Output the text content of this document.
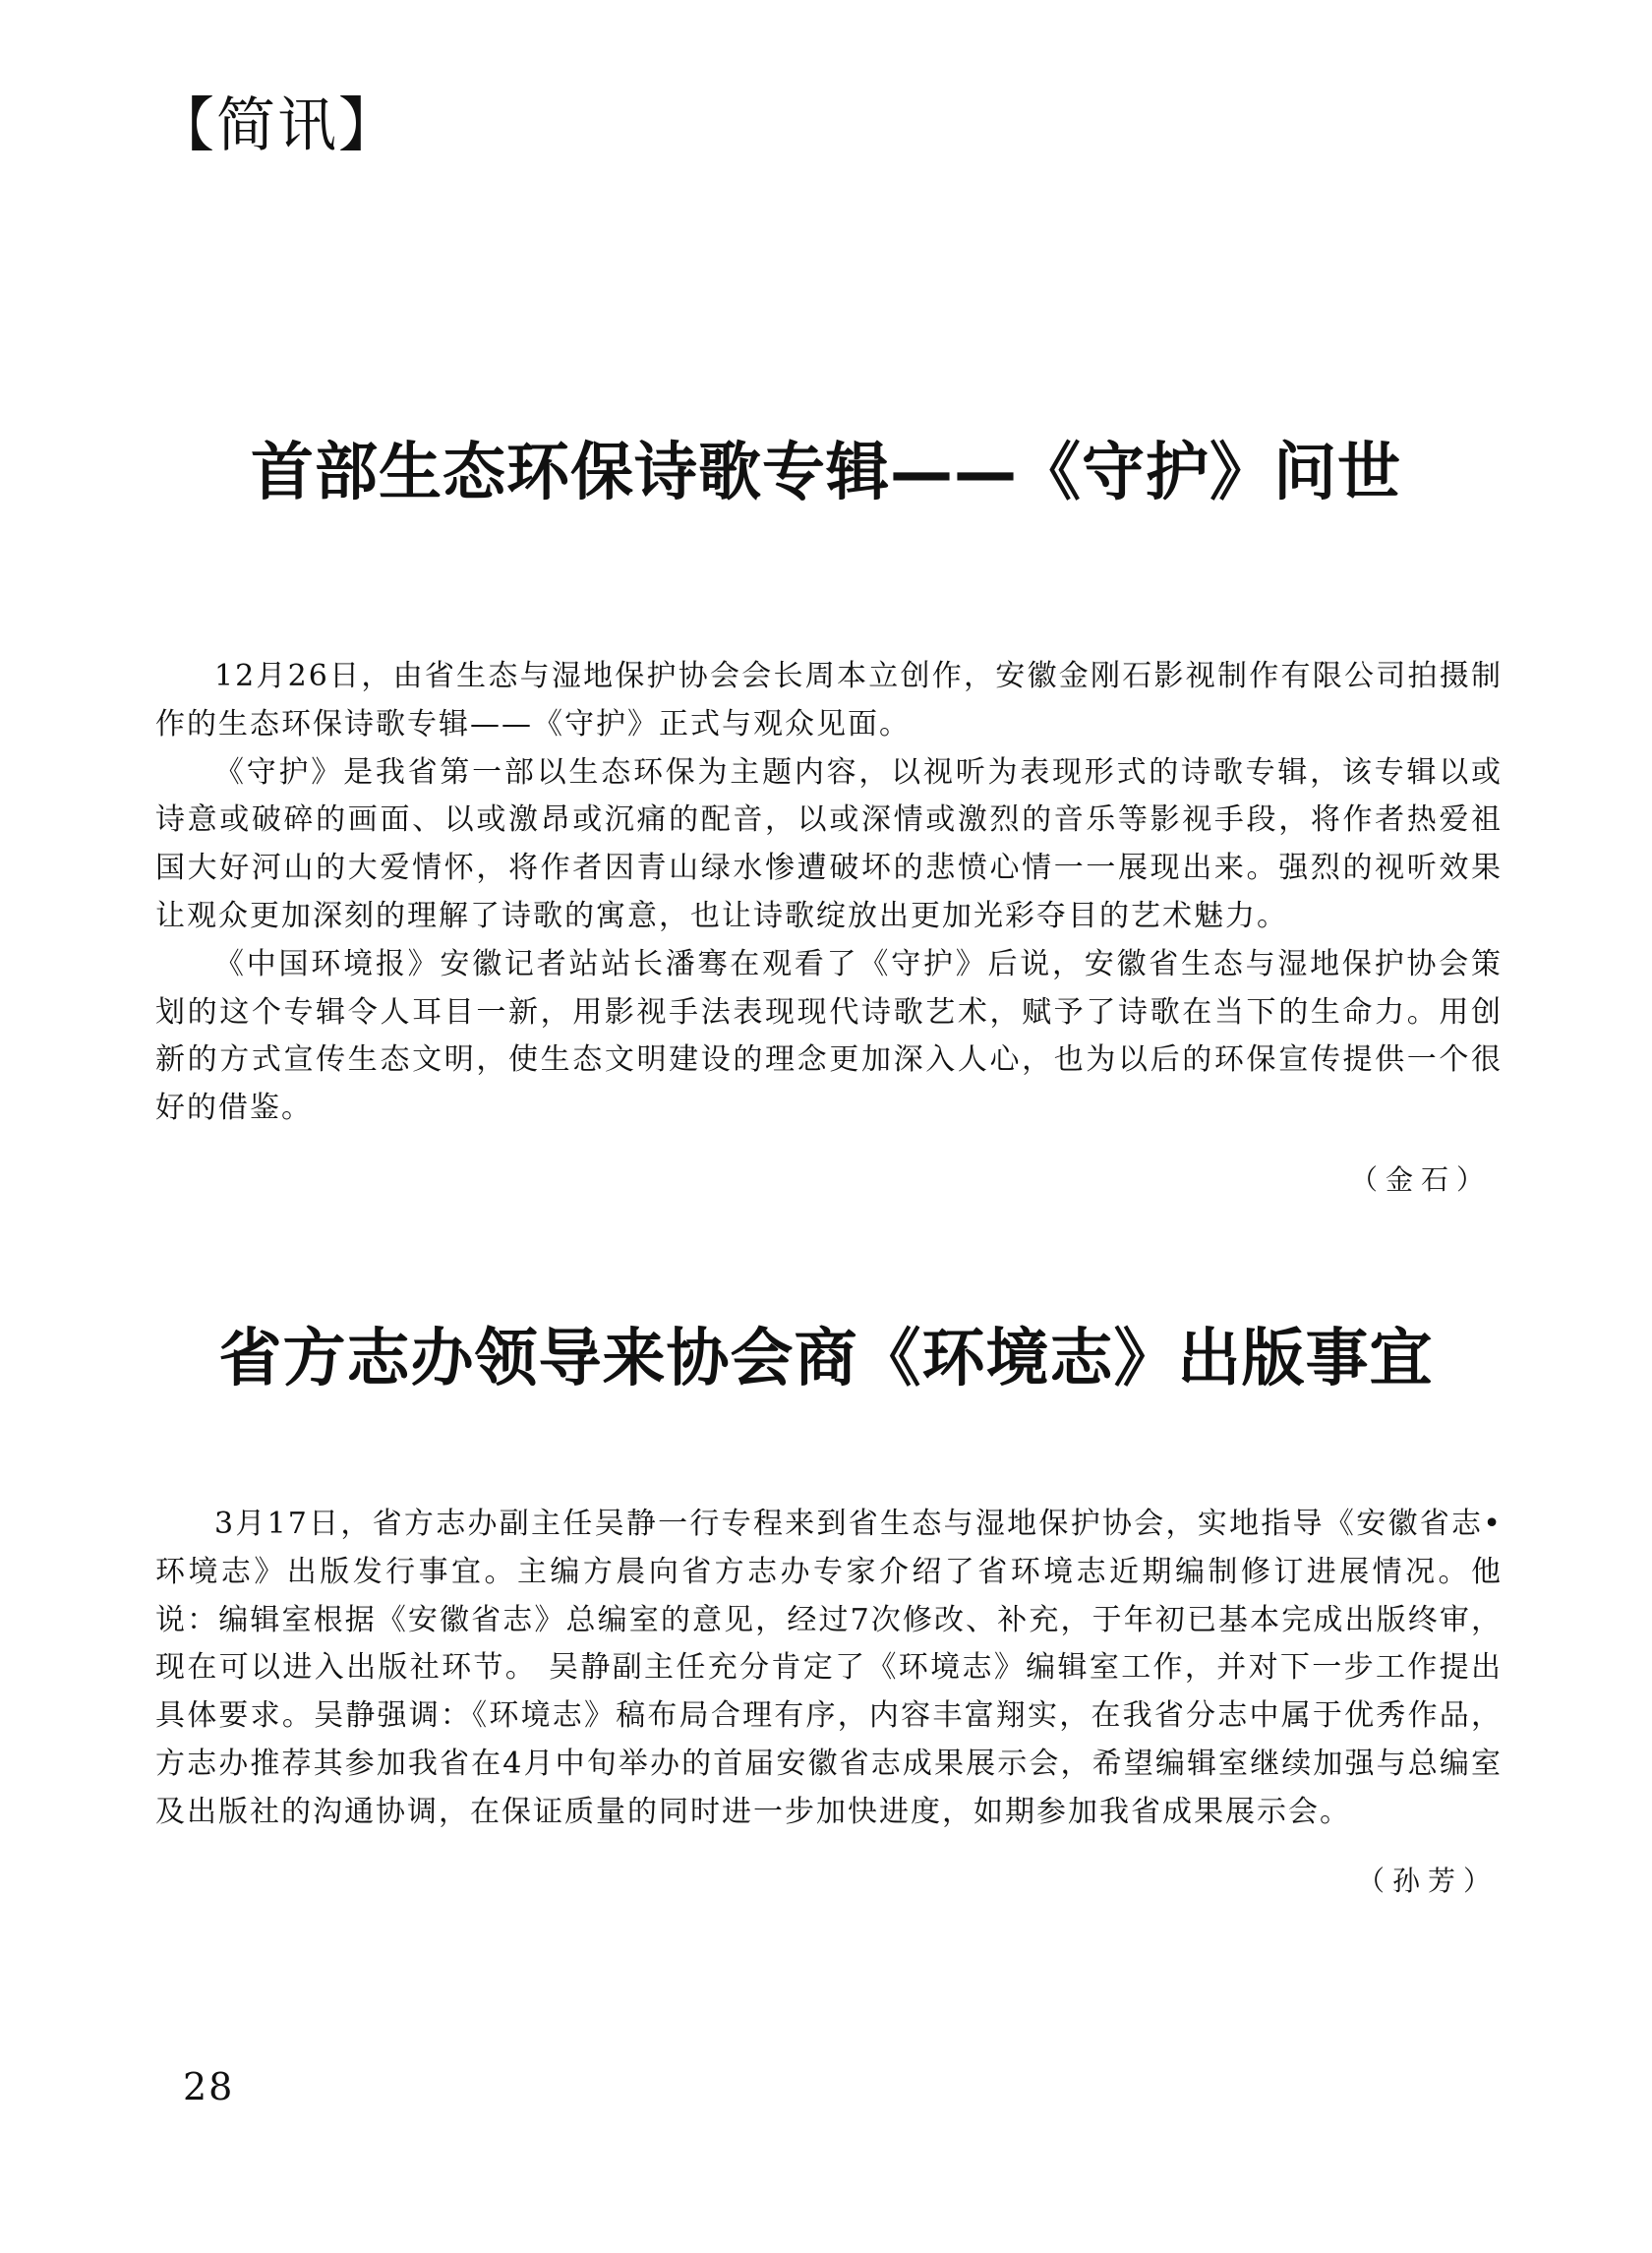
【简讯】
首部生态环保诗歌专辑——《守护》问世

12月26日，由省生态与湿地保护协会会长周本立创作，安徽金刚石影视制作有限公司拍摄制作的生态环保诗歌专辑——《守护》正式与观众见面。

《守护》是我省第一部以生态环保为主题内容，以视听为表现形式的诗歌专辑，该专辑以或诗意或破碎的画面、以或激昂或沉痛的配音，以或深情或激烈的音乐等影视手段，将作者热爱祖国大好河山的大爱情怀，将作者因青山绿水惨遭破坏的悲愤心情一一展现出来。强烈的视听效果让观众更加深刻的理解了诗歌的寓意，也让诗歌绽放出更加光彩夺目的艺术魅力。

《中国环境报》安徽记者站站长潘骞在观看了《守护》后说，安徽省生态与湿地保护协会策划的这个专辑令人耳目一新，用影视手法表现现代诗歌艺术，赋予了诗歌在当下的生命力。用创新的方式宣传生态文明，使生态文明建设的理念更加深入人心，也为以后的环保宣传提供一个很好的借鉴。

（金石）
省方志办领导来协会商《环境志》出版事宜

3月17日，省方志办副主任吴静一行专程来到省生态与湿地保护协会，实地指导《安徽省志•环境志》出版发行事宜。主编方晨向省方志办专家介绍了省环境志近期编制修订进展情况。他说：编辑室根据《安徽省志》总编室的意见，经过7次修改、补充，于年初已基本完成出版终审，现在可以进入出版社环节。 吴静副主任充分肯定了《环境志》编辑室工作，并对下一步工作提出具体要求。吴静强调：《环境志》稿布局合理有序，内容丰富翔实，在我省分志中属于优秀作品，方志办推荐其参加我省在4月中旬举办的首届安徽省志成果展示会，希望编辑室继续加强与总编室及出版社的沟通协调，在保证质量的同时进一步加快进度，如期参加我省成果展示会。

（孙芳）
28
